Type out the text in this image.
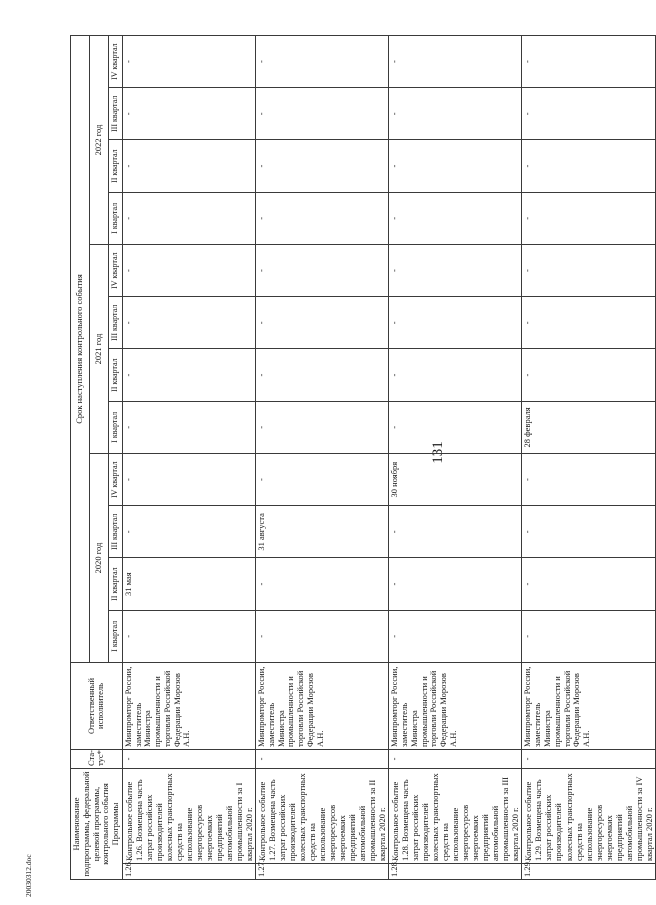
131
20030312.doc
Наименование подпрограммы, федеральной целевой программы, контрольного события Программы		Ста-тус*	Ответственный исполнитель	Срок наступления контрольного события											
				2020 год				2021 год				2022 год			
				I квартал	II квартал	III квартал	IV квартал	I квартал	II квартал	III квартал	IV квартал	I квартал	II квартал	III квартал	IV квартал
1.26.	Контрольное событие 1.26. Возмещена часть затрат российских производителей колесных транспортных средств на использование энергоресурсов энергоемких предприятий автомобильной промышленности за I квартал 2020 г.	-	Минпромторг России, заместитель Министра промышленности и торговли Российской Федерации Морозов А.Н.	-	31 мая	-	-	-	-	-	-	-	-	-	-
1.27.	Контрольное событие 1.27. Возмещена часть затрат российских производителей колесных транспортных средств на использование энергоресурсов энергоемких предприятий автомобильной промышленности за II квартал 2020 г.	-	Минпромторг России, заместитель Министра промышленности и торговли Российской Федерации Морозов А.Н.	-	-	31 августа	-	-	-	-	-	-	-	-	-
1.28.	Контрольное событие 1.28. Возмещена часть затрат российских производителей колесных транспортных средств на использование энергоресурсов энергоемких предприятий автомобильной промышленности за III квартал 2020 г.	-	Минпромторг России, заместитель Министра промышленности и торговли Российской Федерации Морозов А.Н.	-	-	-	30 ноября	-	-	-	-	-	-	-	-
1.29.	Контрольное событие 1.29. Возмещена часть затрат российских производителей колесных транспортных средств на использование энергоресурсов энергоемких предприятий автомобильной промышленности за IV квартал 2020 г.	-	Минпромторг России, заместитель Министра промышленности и торговли Российской Федерации Морозов А.Н.	-	-	-	-	28 февраля	-	-	-	-	-	-	-
